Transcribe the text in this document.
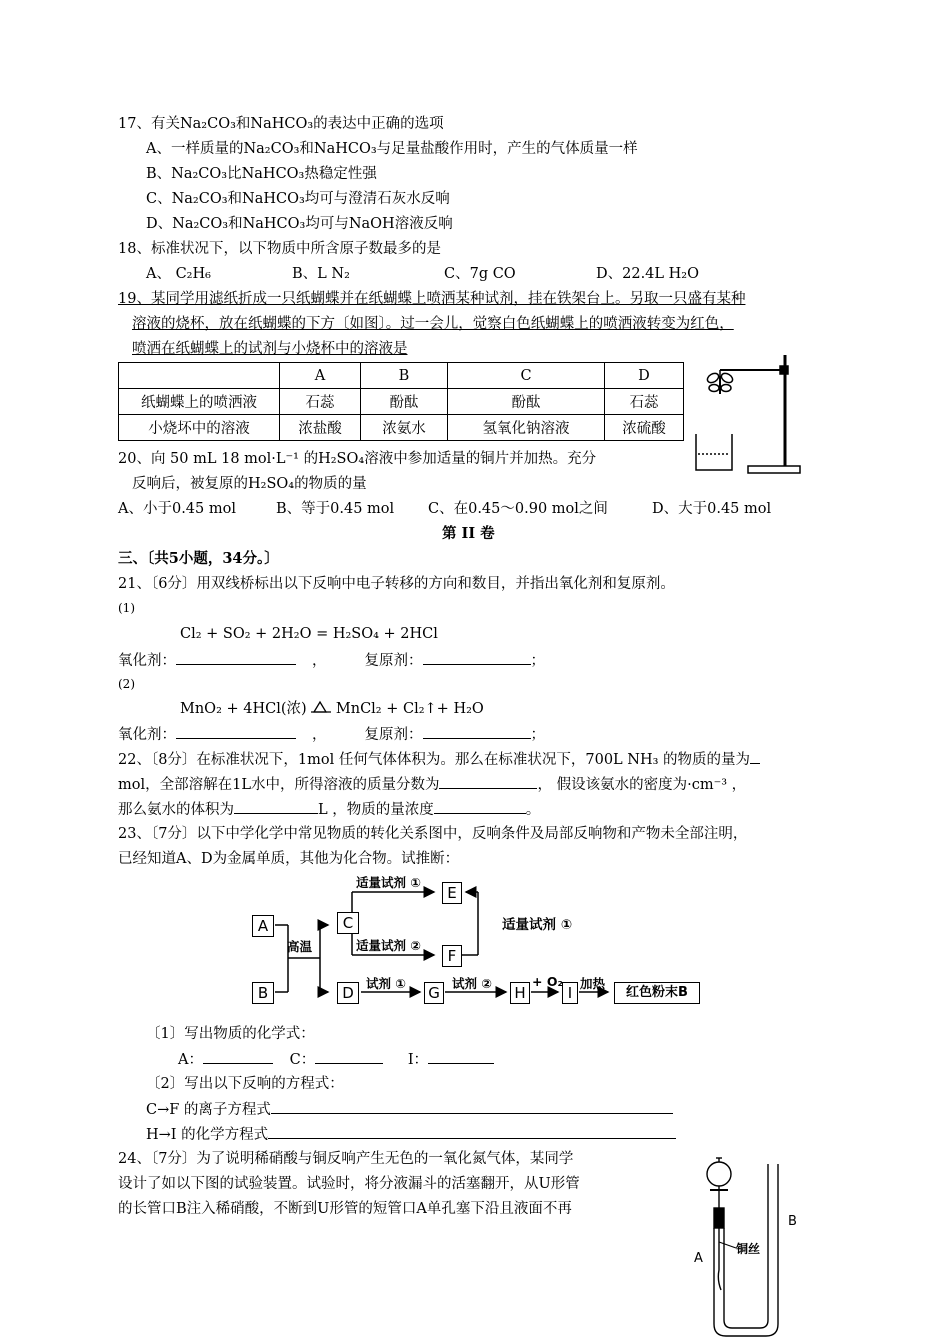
17、有关Na₂CO₃和NaHCO₃的表达中正确的选项
A、一样质量的Na₂CO₃和NaHCO₃与足量盐酸作用时，产生的气体质量一样
B、Na₂CO₃比NaHCO₃热稳定性强
C、Na₂CO₃和NaHCO₃均可与澄清石灰水反响
D、Na₂CO₃和NaHCO₃均可与NaOH溶液反响
18、标准状况下，以下物质中所含原子数最多的是
A、 C₂H₆	B、L N₂	C、7g CO	D、22.4L H₂O
19、某同学用滤纸折成一只纸蝴蝶并在纸蝴蝶上喷洒某种试剂，挂在铁架台上。另取一只盛有某种
溶液的烧杯，放在纸蝴蝶的下方〔如图〕。过一会儿，觉察白色纸蝴蝶上的喷洒液转变为红色，
喷洒在纸蝴蝶上的试剂与小烧杯中的溶液是
	A	B	C	D
纸蝴蝶上的喷洒液	石蕊	酚酞	酚酞	石蕊
小烧坏中的溶液	浓盐酸	浓氨水	氢氧化钠溶液	浓硫酸
20、向 50 mL 18 mol·L⁻¹ 的H₂SO₄溶液中参加适量的铜片并加热。充分
反响后，被复原的H₂SO₄的物质的量
A、小于0.45 mol	B、等于0.45 mol C、在0.45～0.90 mol之间	D、大于0.45 mol
第 II 卷
三、〔共5小题，34分。〕
21、〔6分〕用双线桥标出以下反响中电子转移的方向和数目，并指出氧化剂和复原剂。
(1)
Cl₂ + SO₂ + 2H₂O = H₂SO₄ + 2HCl
氧化剂：	，	复原剂：	；
(2)
MnO₂ + 4HCl(浓) MnCl₂ + Cl₂↑+ H₂O
氧化剂：	，	复原剂：	；
22、〔8分〕在标准状况下，1mol 任何气体体积为。那么在标准状况下，700L NH₃ 的物质的量为
mol，全部溶解在1L水中，所得溶液的质量分数为	， 假设该氨水的密度为·cm⁻³ ，
那么氨水的体积为	L ，物质的量浓度	。
23、〔7分〕以下中学化学中常见物质的转化关系图中，反响条件及局部反响物和产物未全部注明，
已经知道A、D为金属单质，其他为化合物。试推断：
A
B
C
D
E
F
G	H	I	红色粉末B
高温
适量试剂 ①
适量试剂 ②
适量试剂 ①
试剂 ①	试剂 ②	+ O₂ 加热
〔1〕写出物质的化学式：
A：	C：	I：
〔2〕写出以下反响的方程式：
C→F 的离子方程式
H→I 的化学方程式
24、〔7分〕为了说明稀硝酸与铜反响产生无色的一氧化氮气体，某同学
设计了如以下图的试验装置。试验时，将分液漏斗的活塞翻开，从U形管
的长管口B注入稀硝酸，不断到U形管的短管口A单孔塞下沿且液面不再
A
B
铜丝
